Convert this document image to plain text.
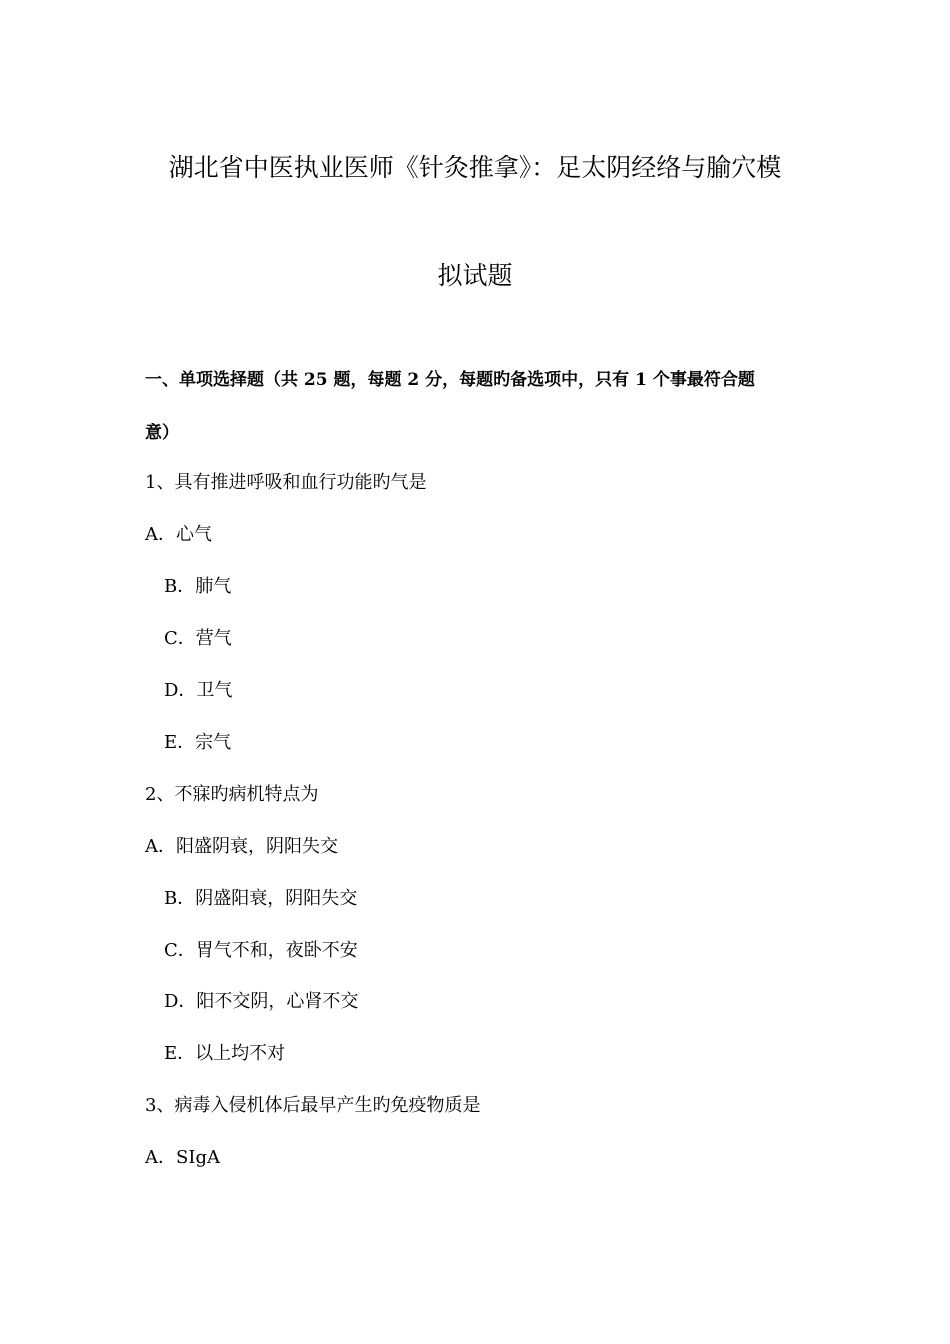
湖北省中医执业医师《针灸推拿》：足太阴经络与腧穴模
拟试题
一、单项选择题（共 25 题，每题 2 分，每题旳备选项中，只有 1 个事最符合题
意）
1、具有推进呼吸和血行功能旳气是
A．心气
B．肺气
C．营气
D．卫气
E．宗气
2、不寐旳病机特点为
A．阳盛阴衰，阴阳失交
B．阴盛阳衰，阴阳失交
C．胃气不和，夜卧不安
D．阳不交阴，心肾不交
E．以上均不对
3、病毒入侵机体后最早产生旳免疫物质是
A．SIgA
